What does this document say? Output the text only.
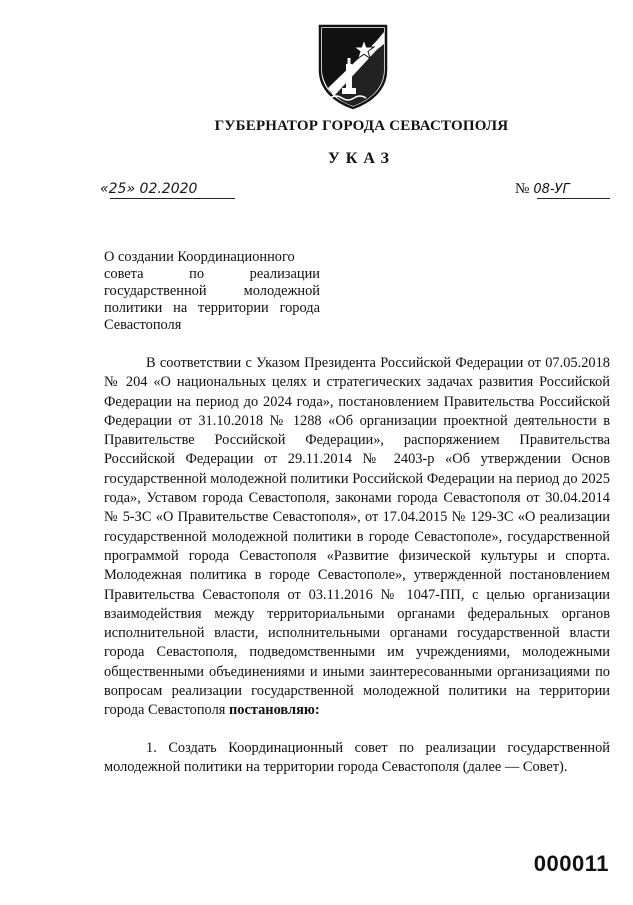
ГУБЕРНАТОР ГОРОДА СЕВАСТОПОЛЯ
УКАЗ
«25» 02.2020	№ 08-УГ
О создании Координационного
совета по реализации
государственной молодежной
политики на территории города
Севастополя

В соответствии с Указом Президента Российской Федерации от 07.05.2018 № 204 «О национальных целях и стратегических задачах развития Российской Федерации на период до 2024 года», постановлением Правительства Российской Федерации от 31.10.2018 № 1288 «Об организации проектной деятельности в Правительстве Российской Федерации», распоряжением Правительства Российской Федерации от 29.11.2014 № 2403-р «Об утверждении Основ государственной молодежной политики Российской Федерации на период до 2025 года», Уставом города Севастополя, законами города Севастополя от 30.04.2014 № 5-ЗС «О Правительстве Севастополя», от 17.04.2015 № 129-ЗС «О реализации государственной молодежной политики в городе Севастополе», государственной программой города Севастополя «Развитие физической культуры и спорта. Молодежная политика в городе Севастополе», утвержденной постановлением Правительства Севастополя от 03.11.2016 № 1047-ПП, с целью организации взаимодействия между территориальными органами федеральных органов исполнительной власти, исполнительными органами государственной власти города Севастополя, подведомственными им учреждениями, молодежными общественными объединениями и иными заинтересованными организациями по вопросам реализации государственной молодежной политики на территории города Севастополя постановляю:

1. Создать Координационный совет по реализации государственной молодежной политики на территории города Севастополя (далее — Совет).

000011
